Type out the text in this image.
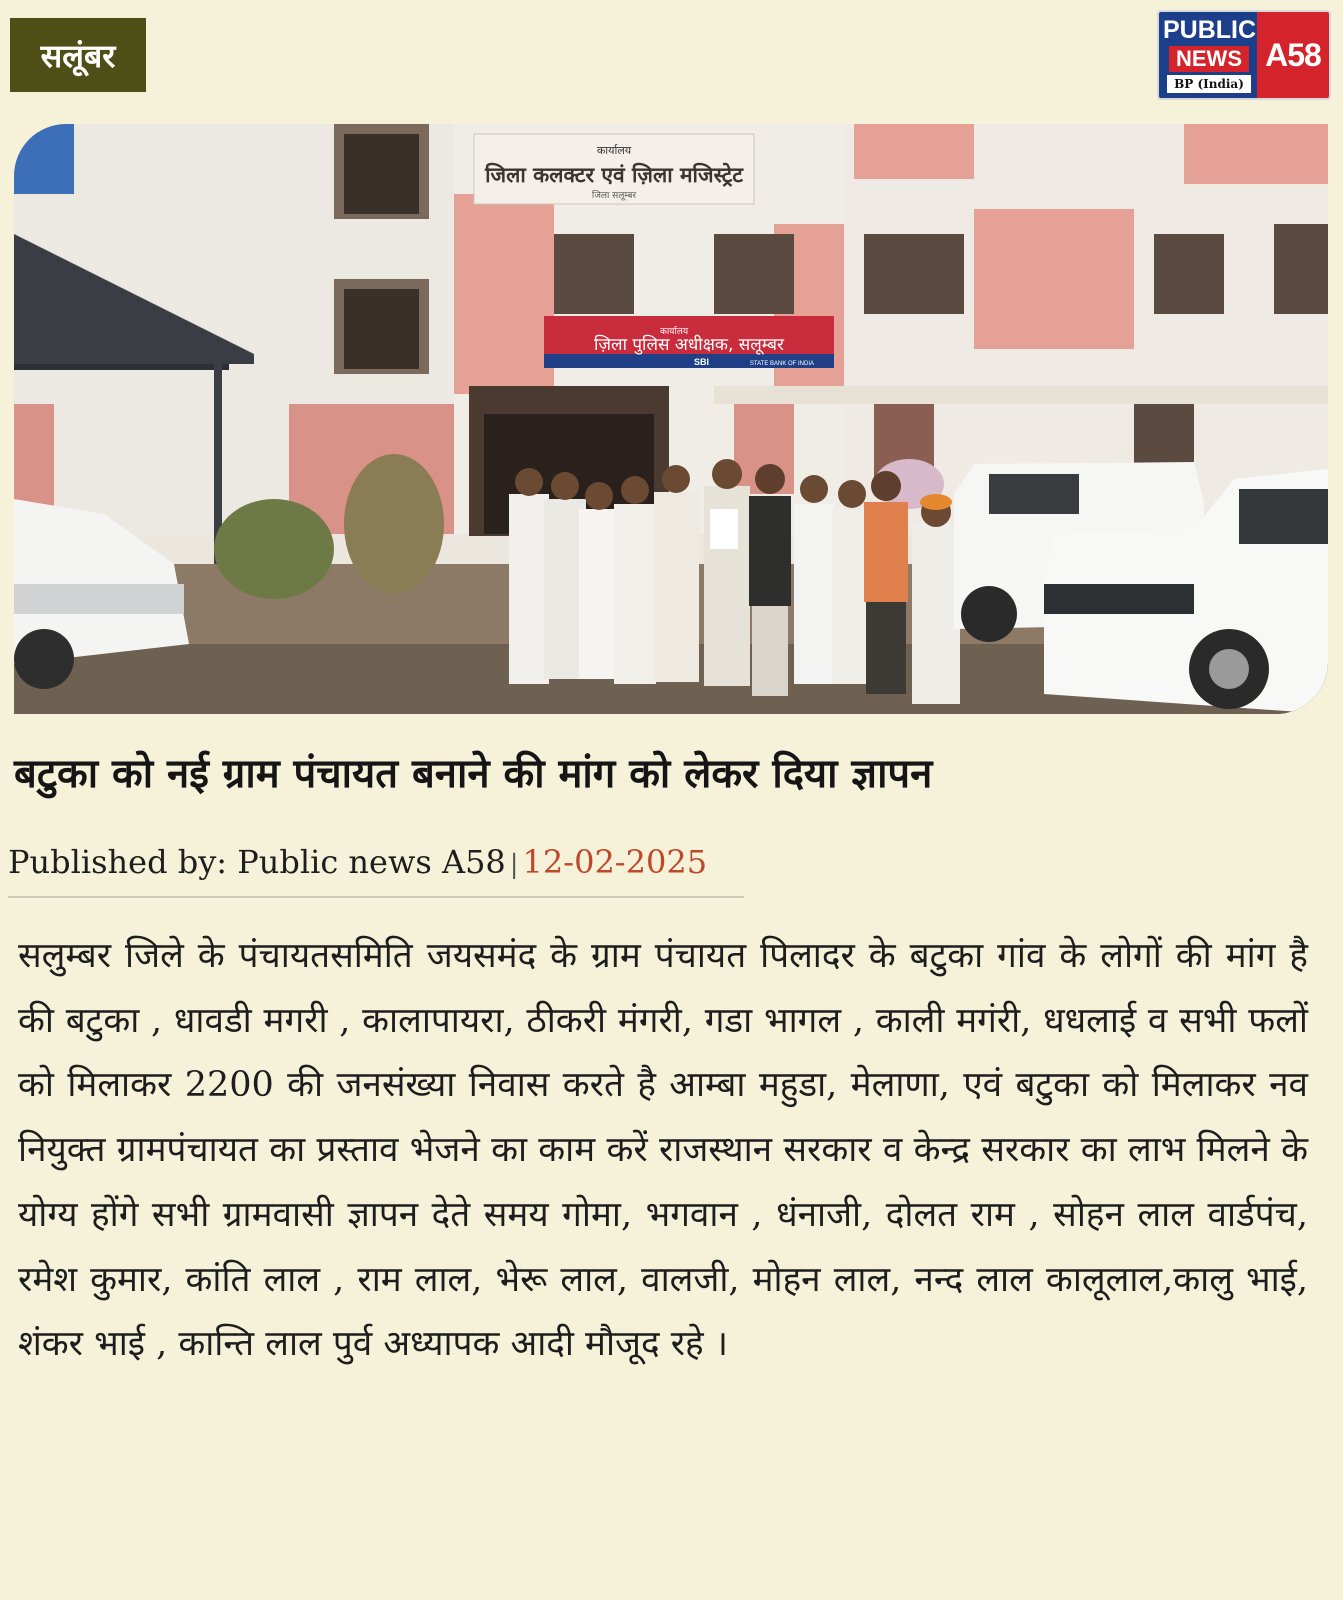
सलूंबर
PUBLIC
NEWS
BP (India)
A58
कार्यालय
जिला कलक्टर एवं ज़िला मजिस्ट्रेट
जिला सलूम्बर
कार्यालय
ज़िला पुलिस अधीक्षक, सलूम्बर
SBI	STATE BANK OF INDIA
बटुका को नई ग्राम पंचायत बनाने की मांग को लेकर दिया ज्ञापन
Published by: Public news A58 | 12-02-2025
सलुम्बर जिले के पंचायतसमिति जयसमंद के ग्राम पंचायत पिलादर के बटुका गांव के लोगों की मांग है की बटुका , धावडी मगरी , कालापायरा, ठीकरी मंगरी, गडा भागल , काली मगंरी, धधलाई व सभी फलों को मिलाकर 2200 की जनसंख्या निवास करते है आम्बा महुडा, मेलाणा, एवं बटुका को मिलाकर नव नियुक्त ग्रामपंचायत का प्रस्ताव भेजने का काम करें राजस्थान सरकार व केन्द्र सरकार का लाभ मिलने के योग्य होंगे सभी ग्रामवासी ज्ञापन देते समय गोमा, भगवान , धंनाजी, दोलत राम , सोहन लाल वार्डपंच, रमेश कुमार, कांति लाल , राम लाल, भेरू लाल, वालजी, मोहन लाल, नन्द लाल कालूलाल,कालु भाई, शंकर भाई , कान्ति लाल पुर्व अध्यापक आदी मौजूद रहे ।
